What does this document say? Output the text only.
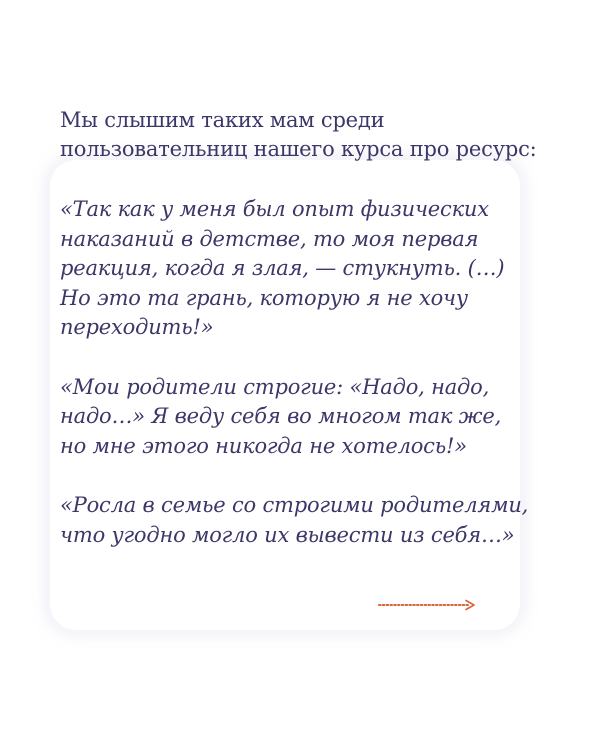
Мы слышим таких мам среди
пользовательниц нашего курса про ресурс:

«Так как у меня был опыт физических
наказаний в детстве, то моя первая
реакция, когда я злая, — стукнуть. (…)
Но это та грань, которую я не хочу
переходить!»

«Мои родители строгие: «Надо, надо,
надо…» Я веду себя во многом так же,
но мне этого никогда не хотелось!»

«Росла в семье со строгими родителями,
что угодно могло их вывести из себя…»
